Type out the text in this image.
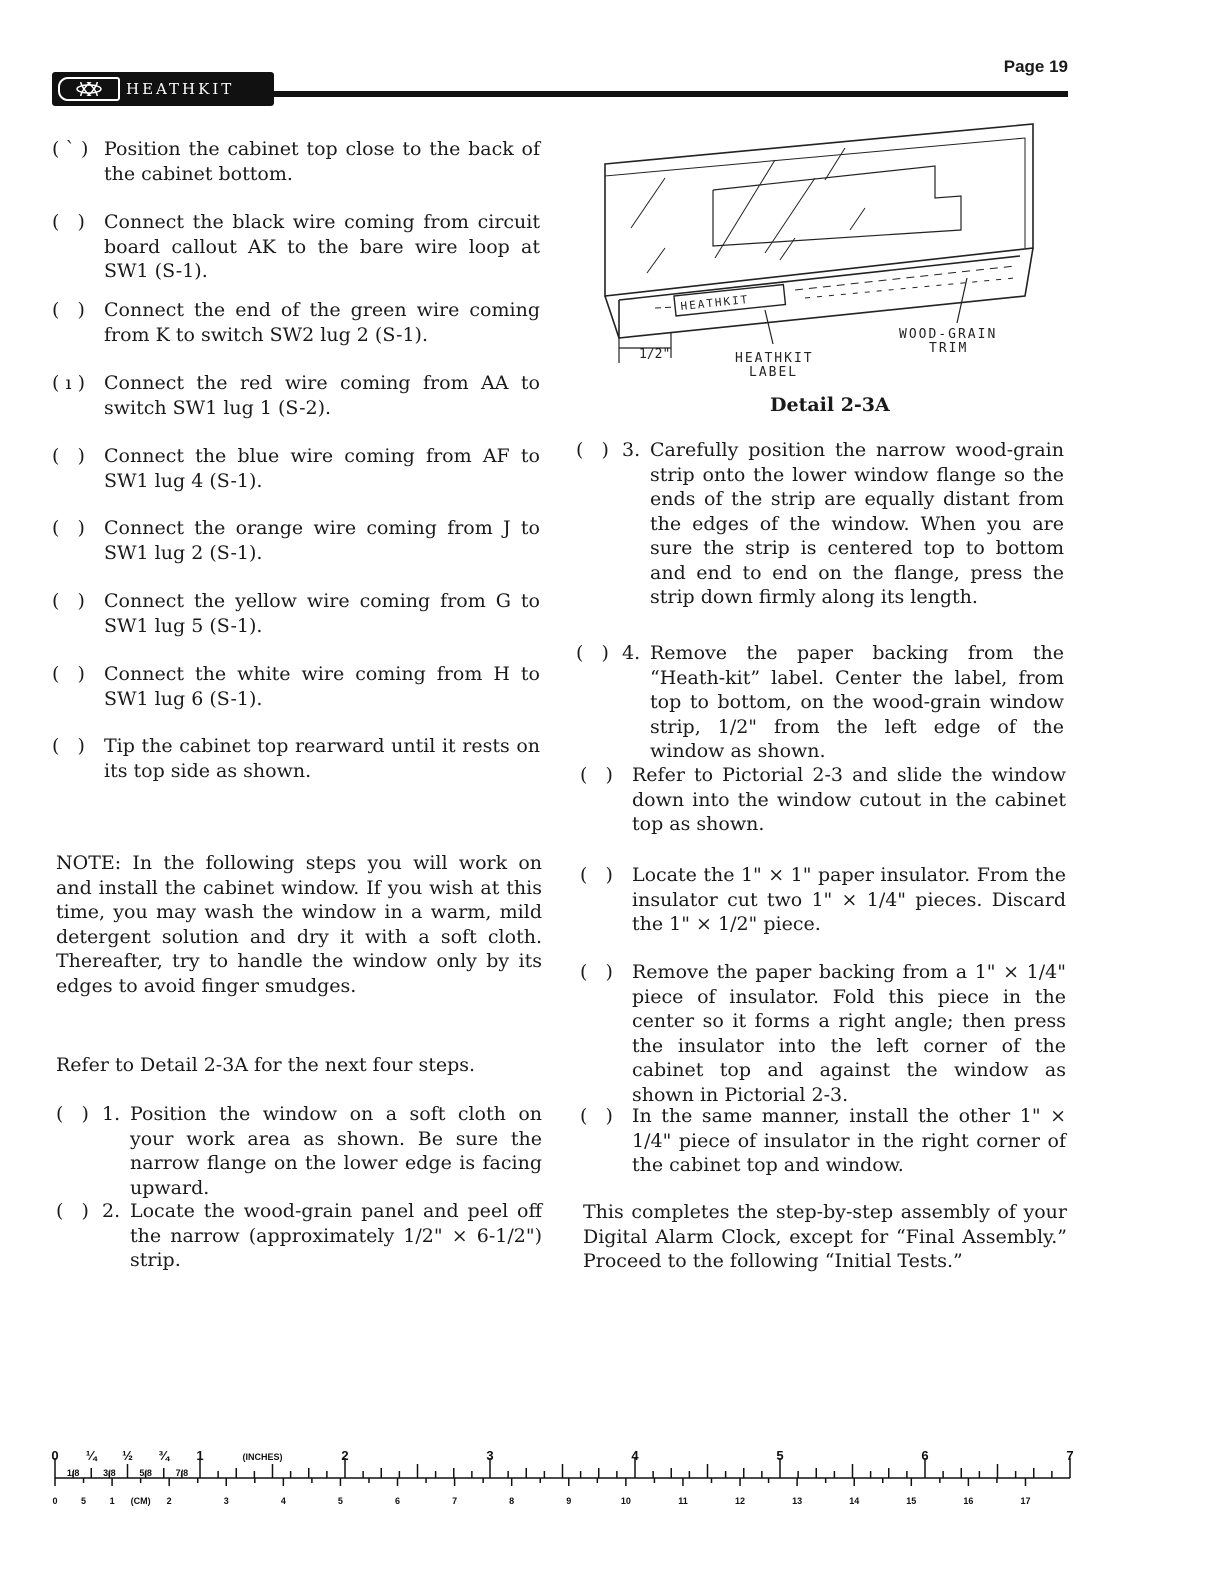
HEATHKIT
Page 19
( ˋ ) Position the cabinet top close to the back of the cabinet bottom.
(   ) Connect the black wire coming from circuit board callout AK to the bare wire loop at SW1 (S-1).
(   ) Connect the end of the green wire coming from K to switch SW2 lug 2 (S-1).
( ı ) Connect the red wire coming from AA to switch SW1 lug 1 (S-2).
(   ) Connect the blue wire coming from AF to SW1 lug 4 (S-1).
(   ) Connect the orange wire coming from J to SW1 lug 2 (S-1).
(   ) Connect the yellow wire coming from G to SW1 lug 5 (S-1).
(   ) Connect the white wire coming from H to SW1 lug 6 (S-1).
(   ) Tip the cabinet top rearward until it rests on its top side as shown.
NOTE: In the following steps you will work on and install the cabinet window. If you wish at this time, you may wash the window in a warm, mild detergent solution and dry it with a soft cloth. Thereafter, try to handle the window only by its edges to avoid finger smudges.
Refer to Detail 2-3A for the next four steps.
(   ) 1. Position the window on a soft cloth on your work area as shown. Be sure the narrow flange on the lower edge is facing upward.
(   ) 2. Locate the wood-grain panel and peel off the narrow (approximately 1/2" × 6-1/2") strip.
HEATHKIT
1/2"	HEATHKIT
LABEL
WOOD-GRAIN
TRIM
Detail 2-3A
(   ) 3. Carefully position the narrow wood-grain strip onto the lower window flange so the ends of the strip are equally distant from the edges of the window. When you are sure the strip is centered top to bottom and end to end on the flange, press the strip down firmly along its length.
(   ) 4. Remove the paper backing from the “Heath-kit” label. Center the label, from top to bottom, on the wood-grain window strip, 1/2" from the left edge of the window as shown.
(   ) Refer to Pictorial 2-3 and slide the window down into the window cutout in the cabinet top as shown.
(   ) Locate the 1" × 1" paper insulator. From the insulator cut two 1" × 1/4" pieces. Discard the 1" × 1/2" piece.
(   ) Remove the paper backing from a 1" × 1/4" piece of insulator. Fold this piece in the center so it forms a right angle; then press the insulator into the left corner of the cabinet top and against the window as shown in Pictorial 2-3.
(   ) In the same manner, install the other 1" × 1/4" piece of insulator in the right corner of the cabinet top and window.
This completes the step-by-step assembly of your Digital Alarm Clock, except for “Final Assembly.” Proceed to the following “Initial Tests.”
0 ¼ ½ ¾ 1	2	3	4	5	6	7
(INCHES)
1/8	3/8	5/8	7/8
0	5	1	2	3	4	5	6	7	8	9	10	11	12	13	14	15	16	17
(CM)
